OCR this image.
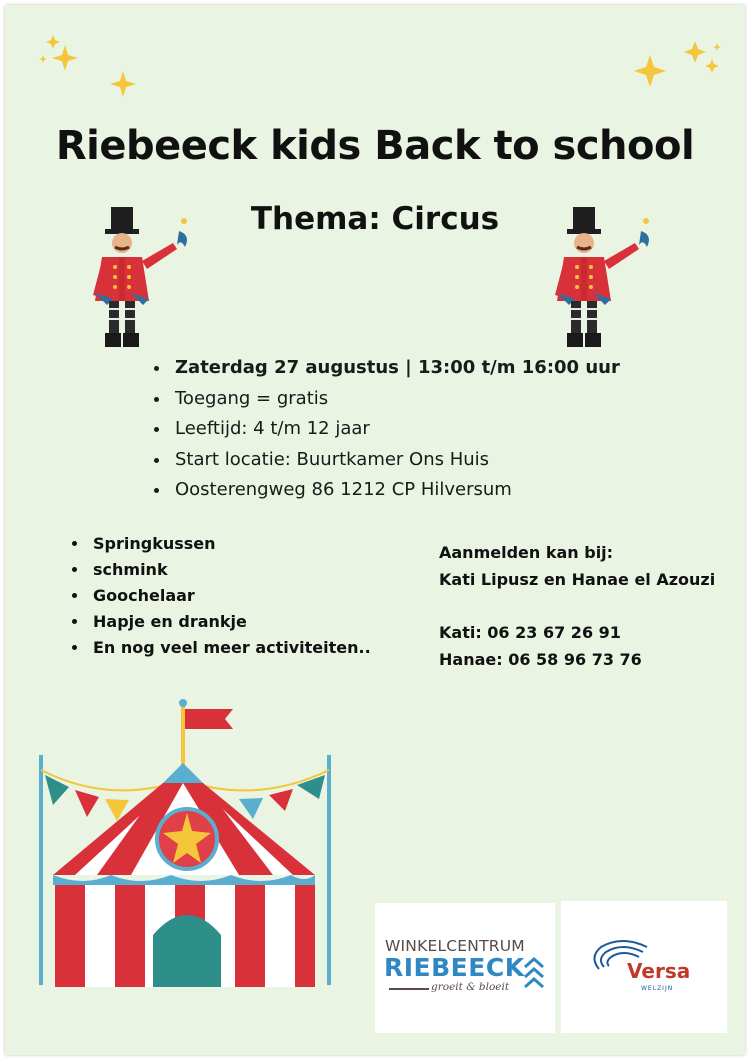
Riebeeck kids Back to school
Thema: Circus
• Zaterdag 27 augustus | 13:00 t/m 16:00 uur
• Toegang = gratis
• Leeftijd: 4 t/m 12 jaar
• Start locatie: Buurtkamer Ons Huis
• Oosterengweg 86 1212 CP Hilversum
• Springkussen
• schmink
• Goochelaar
• Hapje en drankje
• En nog veel meer activiteiten..
Aanmelden kan bij:
Kati Lipusz en Hanae el Azouzi
Kati: 06 23 67 26 91
Hanae: 06 58 96 73 76
WINKELCENTRUM
RIEBEECK
groeit & bloeit
Versa
WELZIJN
